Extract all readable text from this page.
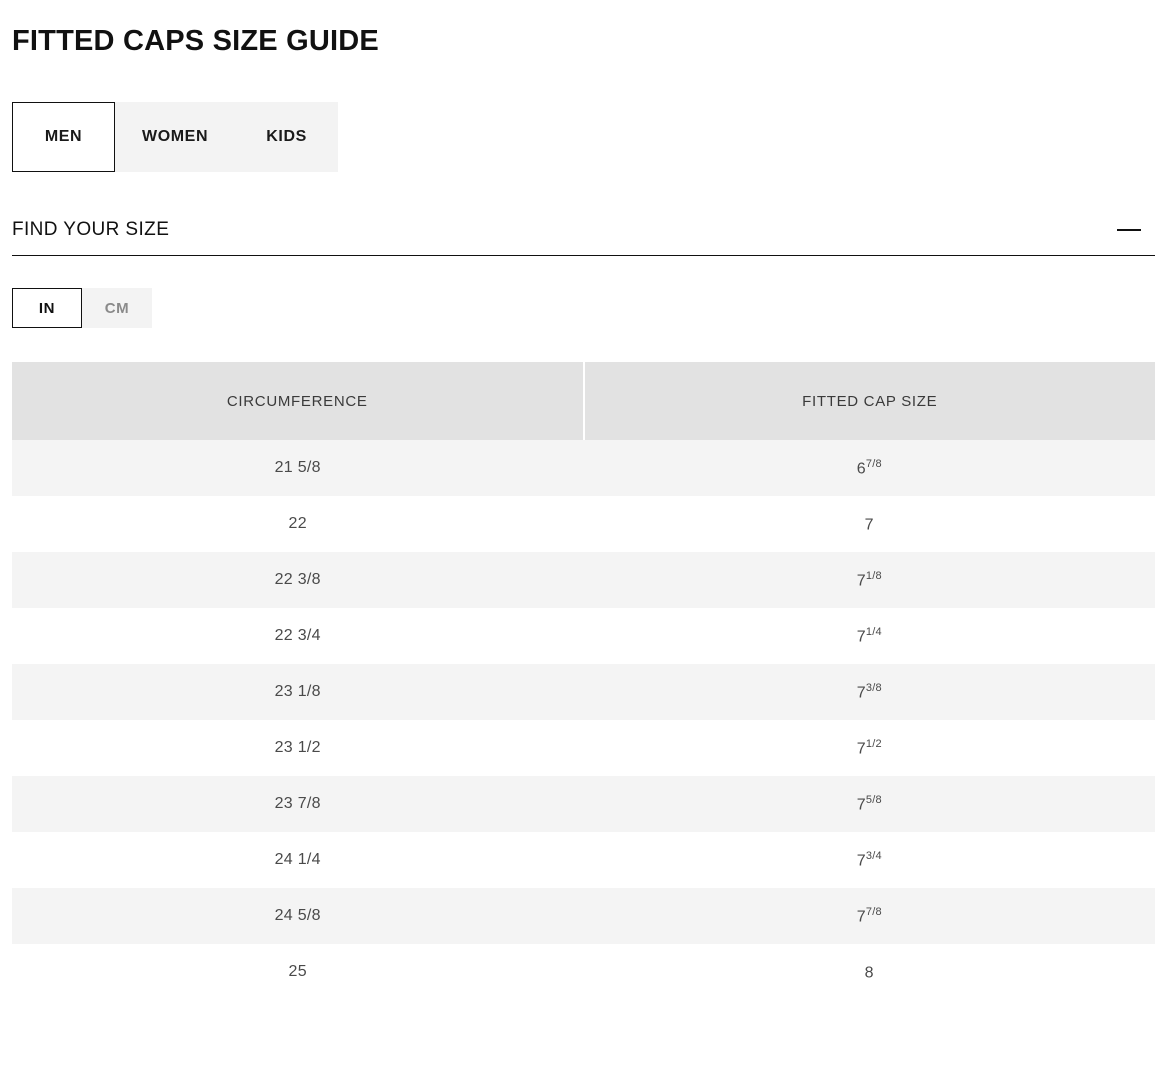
FITTED CAPS SIZE GUIDE
MEN	WOMEN	KIDS
FIND YOUR SIZE
IN	CM
CIRCUMFERENCE	FITTED CAP SIZE
21 5/8	$6^{7/8}$
22	7
22 3/8	$7^{1/8}$
22 3/4	$7^{1/4}$
23 1/8	$7^{3/8}$
23 1/2	$7^{1/2}$
23 7/8	$7^{5/8}$
24 1/4	$7^{3/4}$
24 5/8	$7^{7/8}$
25	8
